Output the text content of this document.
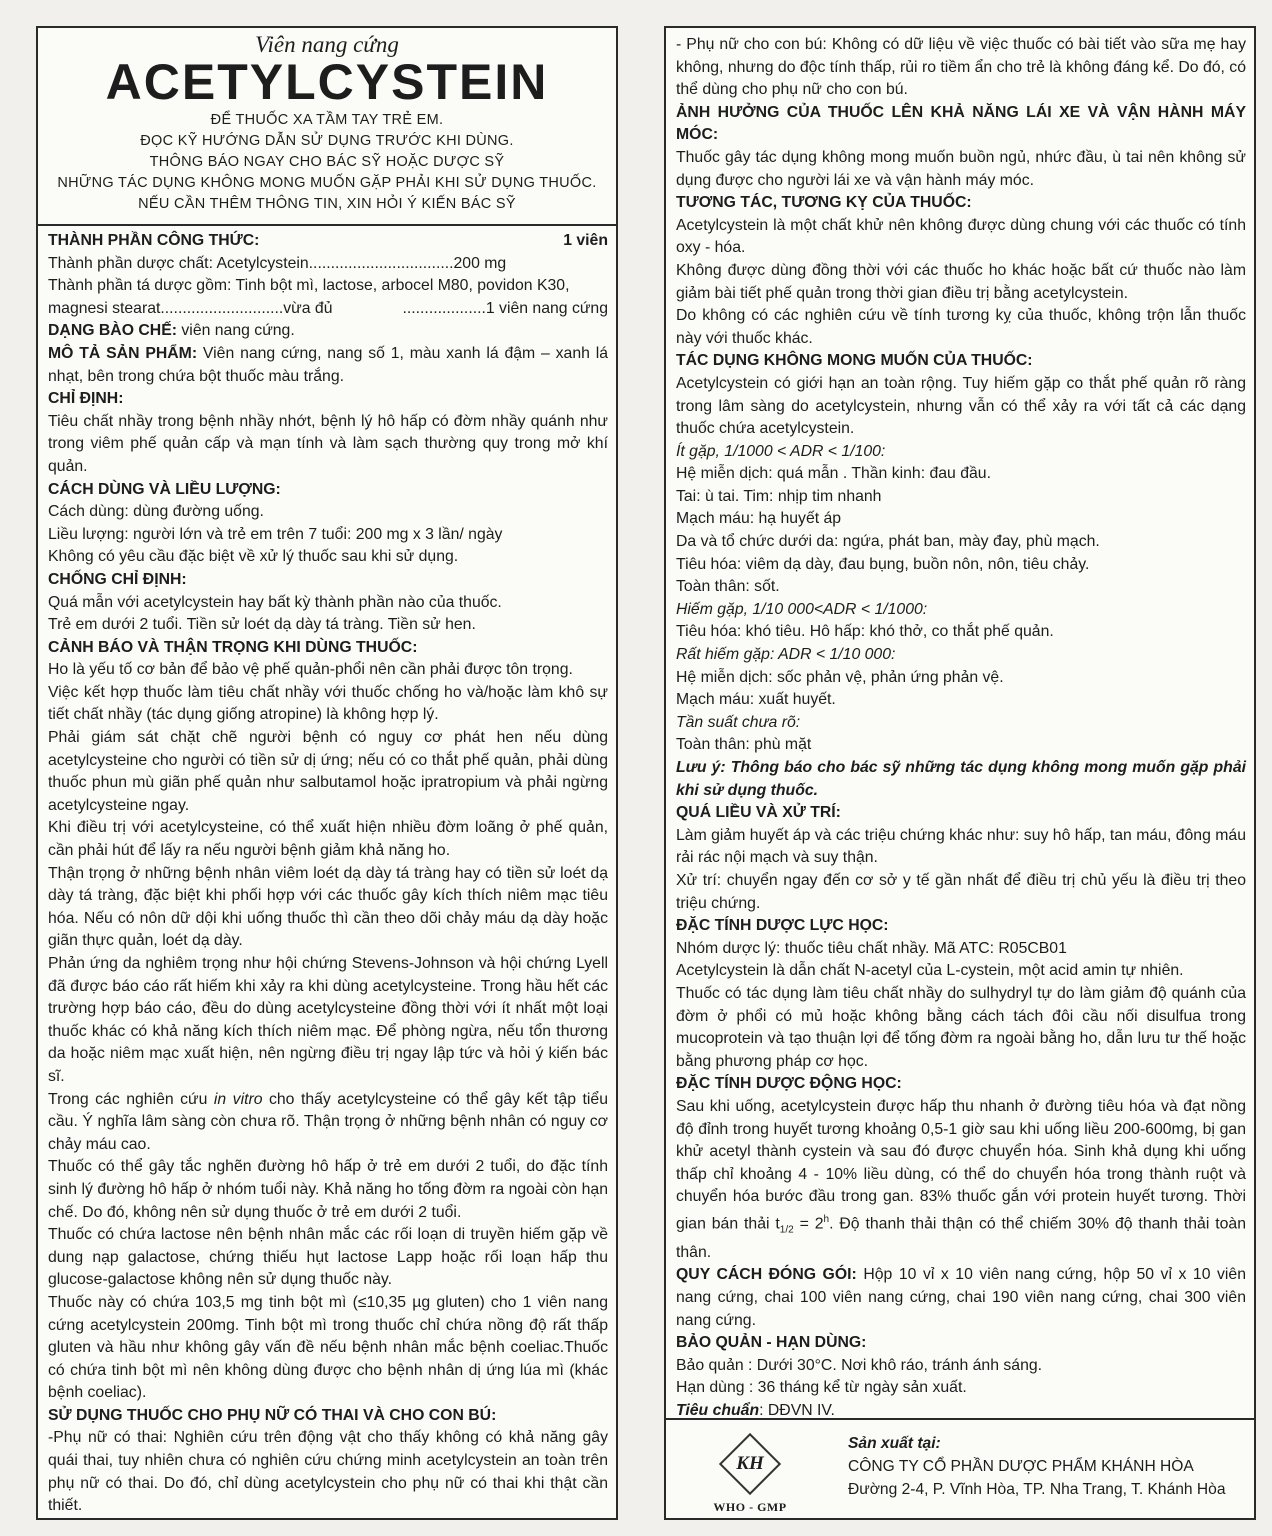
Viên nang cứng
ACETYLCYSTEIN
ĐỂ THUỐC XA TẦM TAY TRẺ EM.
ĐỌC KỸ HƯỚNG DẪN SỬ DỤNG TRƯỚC KHI DÙNG.
THÔNG BÁO NGAY CHO BÁC SỸ HOẶC DƯỢC SỸ
NHỮNG TÁC DỤNG KHÔNG MONG MUỐN GẶP PHẢI KHI SỬ DỤNG THUỐC.
NẾU CẦN THÊM THÔNG TIN, XIN HỎI Ý KIẾN BÁC SỸ
THÀNH PHẦN CÔNG THỨC:	1 viên

Thành phần dược chất: Acetylcystein.................................200 mg

Thành phần tá dược gồm: Tinh bột mì, lactose, arbocel M80, povidon K30,

magnesi stearat............................vừa đủ	...................1 viên nang cứng

DẠNG BÀO CHẾ: viên nang cứng.

MÔ TẢ SẢN PHẨM: Viên nang cứng, nang số 1, màu xanh lá đậm – xanh lá nhạt, bên trong chứa bột thuốc màu trắng.

CHỈ ĐỊNH:

Tiêu chất nhầy trong bệnh nhầy nhớt, bệnh lý hô hấp có đờm nhầy quánh như trong viêm phế quản cấp và mạn tính và làm sạch thường quy trong mở khí quản.

CÁCH DÙNG VÀ LIỀU LƯỢNG:

Cách dùng: dùng đường uống.

Liều lượng: người lớn và trẻ em trên 7 tuổi: 200 mg x 3 lần/ ngày

Không có yêu cầu đặc biệt về xử lý thuốc sau khi sử dụng.

CHỐNG CHỈ ĐỊNH:

Quá mẫn với acetylcystein hay bất kỳ thành phần nào của thuốc.

Trẻ em dưới 2 tuổi. Tiền sử loét dạ dày tá tràng. Tiền sử hen.

CẢNH BÁO VÀ THẬN TRỌNG KHI DÙNG THUỐC:

Ho là yếu tố cơ bản để bảo vệ phế quản-phổi nên cần phải được tôn trọng.

Việc kết hợp thuốc làm tiêu chất nhầy với thuốc chống ho và/hoặc làm khô sự tiết chất nhầy (tác dụng giống atropine) là không hợp lý.

Phải giám sát chặt chẽ người bệnh có nguy cơ phát hen nếu dùng acetylcysteine cho người có tiền sử dị ứng; nếu có co thắt phế quản, phải dùng thuốc phun mù giãn phế quản như salbutamol hoặc ipratropium và phải ngừng acetylcysteine ngay.

Khi điều trị với acetylcysteine, có thể xuất hiện nhiều đờm loãng ở phế quản, cần phải hút để lấy ra nếu người bệnh giảm khả năng ho.

Thận trọng ở những bệnh nhân viêm loét dạ dày tá tràng hay có tiền sử loét dạ dày tá tràng, đặc biệt khi phối hợp với các thuốc gây kích thích niêm mạc tiêu hóa. Nếu có nôn dữ dội khi uống thuốc thì cần theo dõi chảy máu dạ dày hoặc giãn thực quản, loét dạ dày.

Phản ứng da nghiêm trọng như hội chứng Stevens-Johnson và hội chứng Lyell đã được báo cáo rất hiếm khi xảy ra khi dùng acetylcysteine. Trong hầu hết các trường hợp báo cáo, đều do dùng acetylcysteine đồng thời với ít nhất một loại thuốc khác có khả năng kích thích niêm mạc. Để phòng ngừa, nếu tổn thương da hoặc niêm mạc xuất hiện, nên ngừng điều trị ngay lập tức và hỏi ý kiến bác sĩ.

Trong các nghiên cứu in vitro cho thấy acetylcysteine có thể gây kết tập tiểu cầu. Ý nghĩa lâm sàng còn chưa rõ. Thận trọng ở những bệnh nhân có nguy cơ chảy máu cao.

Thuốc có thể gây tắc nghẽn đường hô hấp ở trẻ em dưới 2 tuổi, do đặc tính sinh lý đường hô hấp ở nhóm tuổi này. Khả năng ho tống đờm ra ngoài còn hạn chế. Do đó, không nên sử dụng thuốc ở trẻ em dưới 2 tuổi.

Thuốc có chứa lactose nên bệnh nhân mắc các rối loạn di truyền hiếm gặp về dung nạp galactose, chứng thiếu hụt lactose Lapp hoặc rối loạn hấp thu glucose-galactose không nên sử dụng thuốc này.

Thuốc này có chứa 103,5 mg tinh bột mì (≤10,35 µg gluten) cho 1 viên nang cứng acetylcystein 200mg. Tinh bột mì trong thuốc chỉ chứa nồng độ rất thấp gluten và hầu như không gây vấn đề nếu bệnh nhân mắc bệnh coeliac.Thuốc có chứa tinh bột mì nên không dùng được cho bệnh nhân dị ứng lúa mì (khác bệnh coeliac).

SỬ DỤNG THUỐC CHO PHỤ NỮ CÓ THAI VÀ CHO CON BÚ:

-Phụ nữ có thai: Nghiên cứu trên động vật cho thấy không có khả năng gây quái thai, tuy nhiên chưa có nghiên cứu chứng minh acetylcystein an toàn trên phụ nữ có thai. Do đó, chỉ dùng acetylcystein cho phụ nữ có thai khi thật cần thiết.

- Phụ nữ cho con bú: Không có dữ liệu về việc thuốc có bài tiết vào sữa mẹ hay không, nhưng do độc tính thấp, rủi ro tiềm ẩn cho trẻ là không đáng kể. Do đó, có thể dùng cho phụ nữ cho con bú.

ẢNH HƯỞNG CỦA THUỐC LÊN KHẢ NĂNG LÁI XE VÀ VẬN HÀNH MÁY MÓC:

Thuốc gây tác dụng không mong muốn buồn ngủ, nhức đầu, ù tai nên không sử dụng được cho người lái xe và vận hành máy móc.

TƯƠNG TÁC, TƯƠNG KỴ CỦA THUỐC:

Acetylcystein là một chất khử nên không được dùng chung với các thuốc có tính oxy - hóa.

Không được dùng đồng thời với các thuốc ho khác hoặc bất cứ thuốc nào làm giảm bài tiết phế quản trong thời gian điều trị bằng acetylcystein.

Do không có các nghiên cứu về tính tương kỵ của thuốc, không trộn lẫn thuốc này với thuốc khác.

TÁC DỤNG KHÔNG MONG MUỐN CỦA THUỐC:

Acetylcystein có giới hạn an toàn rộng. Tuy hiếm gặp co thắt phế quản rõ ràng trong lâm sàng do acetylcystein, nhưng vẫn có thể xảy ra với tất cả các dạng thuốc chứa acetylcystein.

Ít gặp, 1/1000 < ADR < 1/100:

Hệ miễn dịch: quá mẫn . Thần kinh: đau đầu.

Tai: ù tai. Tim: nhịp tim nhanh

Mạch máu: hạ huyết áp

Da và tổ chức dưới da: ngứa, phát ban, mày đay, phù mạch.

Tiêu hóa: viêm dạ dày, đau bụng, buồn nôn, nôn, tiêu chảy.

Toàn thân: sốt.

Hiếm gặp, 1/10 000<ADR < 1/1000:

Tiêu hóa: khó tiêu. Hô hấp: khó thở, co thắt phế quản.

Rất hiếm gặp: ADR < 1/10 000:

Hệ miễn dịch: sốc phản vệ, phản ứng phản vệ.

Mạch máu: xuất huyết.

Tần suất chưa rõ:

Toàn thân: phù mặt

Lưu ý: Thông báo cho bác sỹ những tác dụng không mong muốn gặp phải khi sử dụng thuốc.

QUÁ LIỀU VÀ XỬ TRÍ:

Làm giảm huyết áp và các triệu chứng khác như: suy hô hấp, tan máu, đông máu rải rác nội mạch và suy thận.

Xử trí: chuyển ngay đến cơ sở y tế gần nhất để điều trị chủ yếu là điều trị theo triệu chứng.

ĐẶC TÍNH DƯỢC LỰC HỌC:

Nhóm dược lý: thuốc tiêu chất nhầy. Mã ATC: R05CB01

Acetylcystein là dẫn chất N-acetyl của L-cystein, một acid amin tự nhiên.

Thuốc có tác dụng làm tiêu chất nhầy do sulhydryl tự do làm giảm độ quánh của đờm ở phổi có mủ hoặc không bằng cách tách đôi cầu nối disulfua trong mucoprotein và tạo thuận lợi để tống đờm ra ngoài bằng ho, dẫn lưu tư thế hoặc bằng phương pháp cơ học.

ĐẶC TÍNH DƯỢC ĐỘNG HỌC:

Sau khi uống, acetylcystein được hấp thu nhanh ở đường tiêu hóa và đạt nồng độ đỉnh trong huyết tương khoảng 0,5-1 giờ sau khi uống liều 200-600mg, bị gan khử acetyl thành cystein và sau đó được chuyển hóa. Sinh khả dụng khi uống thấp chỉ khoảng 4 - 10% liều dùng, có thể do chuyển hóa trong thành ruột và chuyển hóa bước đầu trong gan. 83% thuốc gắn với protein huyết tương. Thời gian bán thải $t_{1/2} = 2^h$. Độ thanh thải thận có thể chiếm 30% độ thanh thải toàn thân.

QUY CÁCH ĐÓNG GÓI: Hộp 10 vỉ x 10 viên nang cứng, hộp 50 vỉ x 10 viên nang cứng, chai 100 viên nang cứng, chai 190 viên nang cứng, chai 300 viên nang cứng.

BẢO QUẢN - HẠN DÙNG:

Bảo quản : Dưới 30°C. Nơi khô ráo, tránh ánh sáng.

Hạn dùng : 36 tháng kể từ ngày sản xuất.

Tiêu chuẩn: DĐVN IV.

KH
WHO - GMP
Sản xuất tại:
CÔNG TY CỔ PHẦN DƯỢC PHẨM KHÁNH HÒA
Đường 2-4, P. Vĩnh Hòa, TP. Nha Trang, T. Khánh Hòa
